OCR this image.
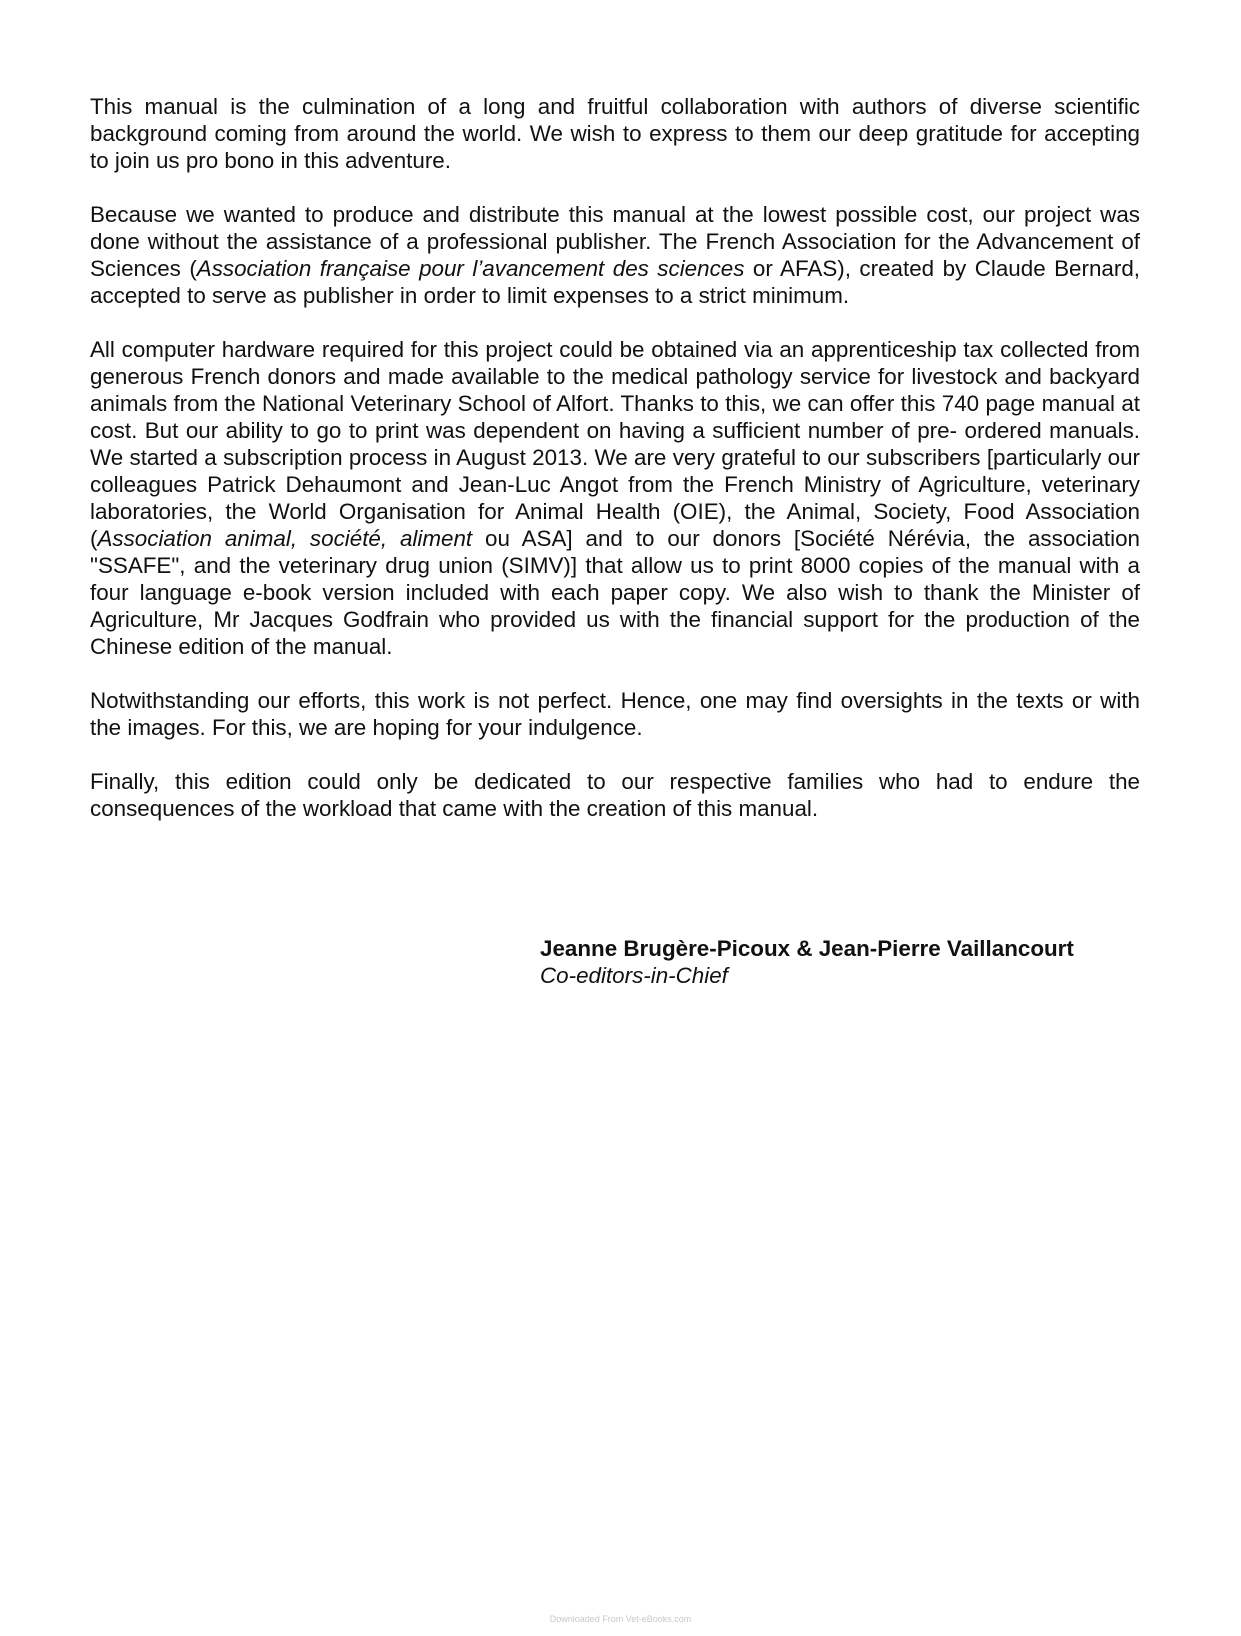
This manual is the culmination of a long and fruitful collaboration with authors of diverse scientific background coming from around the world. We wish to express to them our deep gratitude for accepting to join us pro bono in this adventure.

Because we wanted to produce and distribute this manual at the lowest possible cost, our project was done without the assistance of a professional publisher. The French Association for the Advancement of Sciences (Association française pour l’avancement des sciences or AFAS), created by Claude Bernard, accepted to serve as publisher in order to limit expenses to a strict minimum.

All computer hardware required for this project could be obtained via an apprenticeship tax collected from generous French donors and made available to the medical pathology service for livestock and backyard animals from the National Veterinary School of Alfort. Thanks to this, we can offer this 740 page manual at cost. But our ability to go to print was dependent on having a sufficient number of pre- ordered manuals. We started a subscription process in August 2013. We are very grateful to our subscribers [particularly our colleagues Patrick Dehaumont and Jean-Luc Angot from the French Ministry of Agriculture, veterinary laboratories, the World Organisation for Animal Health (OIE), the Animal, Society, Food Association (Association animal, société, aliment ou ASA] and to our donors [Société Nérévia, the association "SSAFE", and the veterinary drug union (SIMV)] that allow us to print 8000 copies of the manual with a four language e-book version included with each paper copy. We also wish to thank the Minister of Agriculture, Mr Jacques Godfrain who provided us with the financial support for the production of the Chinese edition of the manual.

Notwithstanding our efforts, this work is not perfect. Hence, one may find oversights in the texts or with the images. For this, we are hoping for your indulgence.

Finally, this edition could only be dedicated to our respective families who had to endure the consequences of the workload that came with the creation of this manual.

Jeanne Brugère-Picoux & Jean-Pierre Vaillancourt
Co-editors-in-Chief
Downloaded From Vet-eBooks.com
